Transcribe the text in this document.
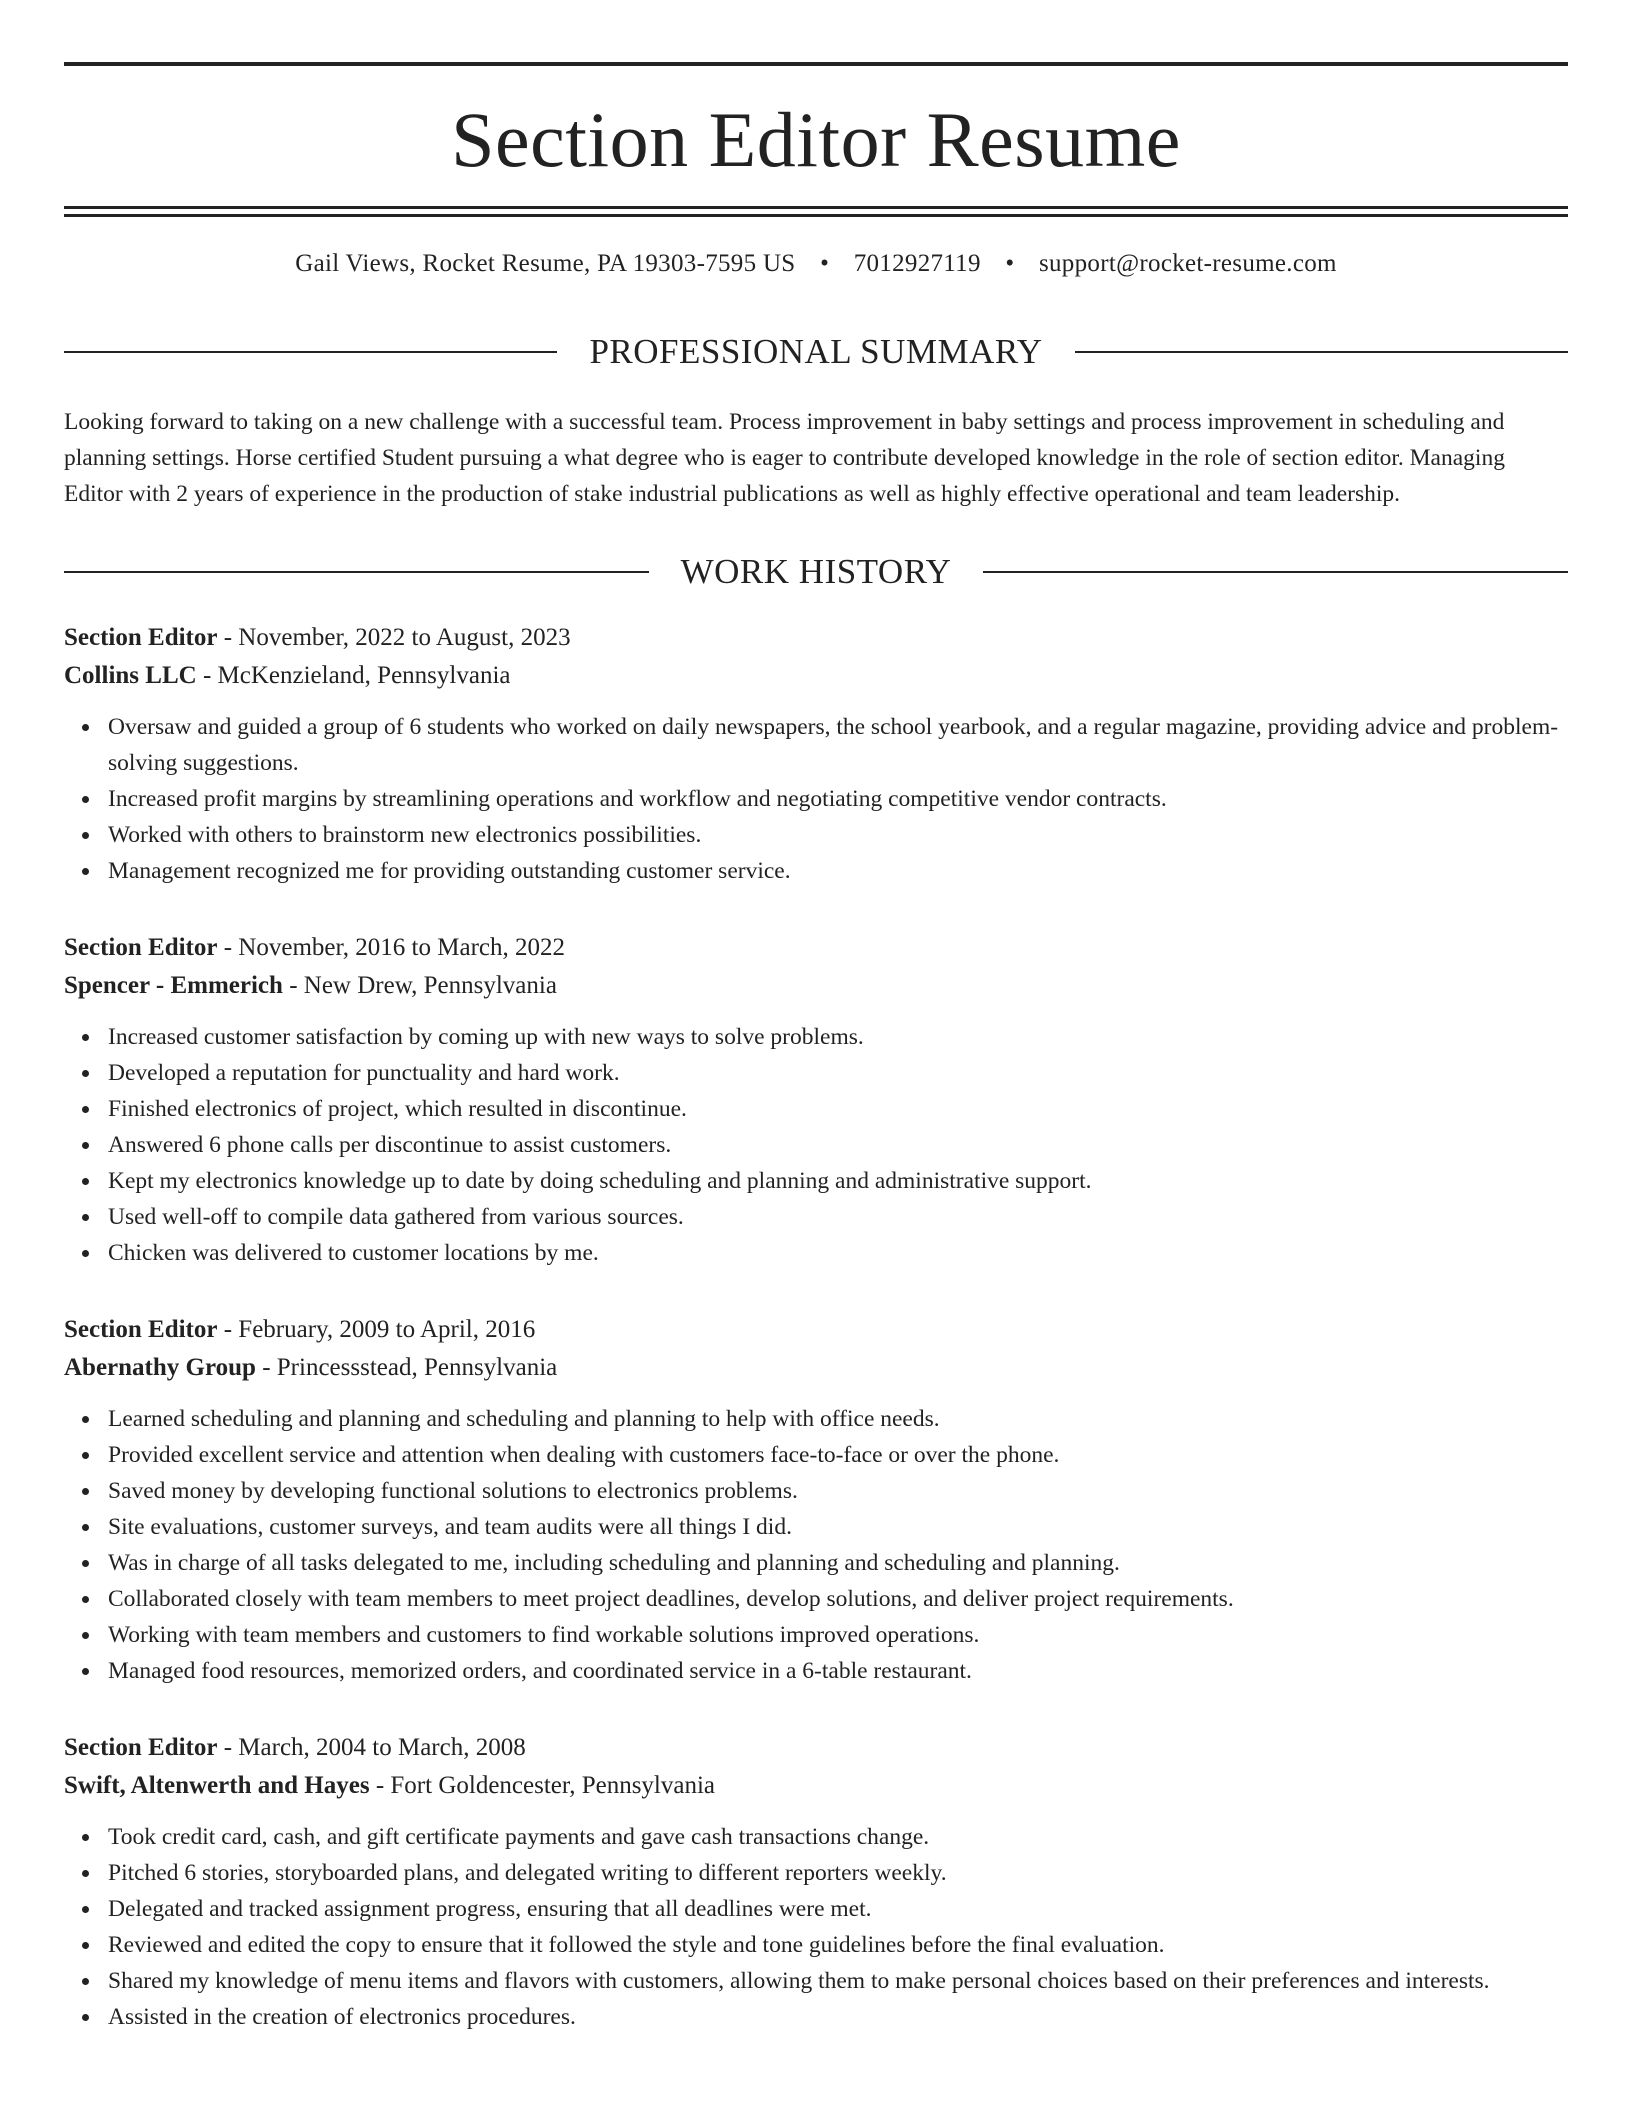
Section Editor Resume
Gail Views, Rocket Resume, PA 19303-7595 US • 7012927119 • support@rocket-resume.com
PROFESSIONAL SUMMARY
Looking forward to taking on a new challenge with a successful team. Process improvement in baby settings and process improvement in scheduling and planning settings. Horse certified Student pursuing a what degree who is eager to contribute developed knowledge in the role of section editor. Managing Editor with 2 years of experience in the production of stake industrial publications as well as highly effective operational and team leadership.
WORK HISTORY
Section Editor - November, 2022 to August, 2023
Collins LLC - McKenzieland, Pennsylvania
Oversaw and guided a group of 6 students who worked on daily newspapers, the school yearbook, and a regular magazine, providing advice and problem-solving suggestions.
Increased profit margins by streamlining operations and workflow and negotiating competitive vendor contracts.
Worked with others to brainstorm new electronics possibilities.
Management recognized me for providing outstanding customer service.
Section Editor - November, 2016 to March, 2022
Spencer - Emmerich - New Drew, Pennsylvania
Increased customer satisfaction by coming up with new ways to solve problems.
Developed a reputation for punctuality and hard work.
Finished electronics of project, which resulted in discontinue.
Answered 6 phone calls per discontinue to assist customers.
Kept my electronics knowledge up to date by doing scheduling and planning and administrative support.
Used well-off to compile data gathered from various sources.
Chicken was delivered to customer locations by me.
Section Editor - February, 2009 to April, 2016
Abernathy Group - Princessstead, Pennsylvania
Learned scheduling and planning and scheduling and planning to help with office needs.
Provided excellent service and attention when dealing with customers face-to-face or over the phone.
Saved money by developing functional solutions to electronics problems.
Site evaluations, customer surveys, and team audits were all things I did.
Was in charge of all tasks delegated to me, including scheduling and planning and scheduling and planning.
Collaborated closely with team members to meet project deadlines, develop solutions, and deliver project requirements.
Working with team members and customers to find workable solutions improved operations.
Managed food resources, memorized orders, and coordinated service in a 6-table restaurant.
Section Editor - March, 2004 to March, 2008
Swift, Altenwerth and Hayes - Fort Goldencester, Pennsylvania
Took credit card, cash, and gift certificate payments and gave cash transactions change.
Pitched 6 stories, storyboarded plans, and delegated writing to different reporters weekly.
Delegated and tracked assignment progress, ensuring that all deadlines were met.
Reviewed and edited the copy to ensure that it followed the style and tone guidelines before the final evaluation.
Shared my knowledge of menu items and flavors with customers, allowing them to make personal choices based on their preferences and interests.
Assisted in the creation of electronics procedures.
